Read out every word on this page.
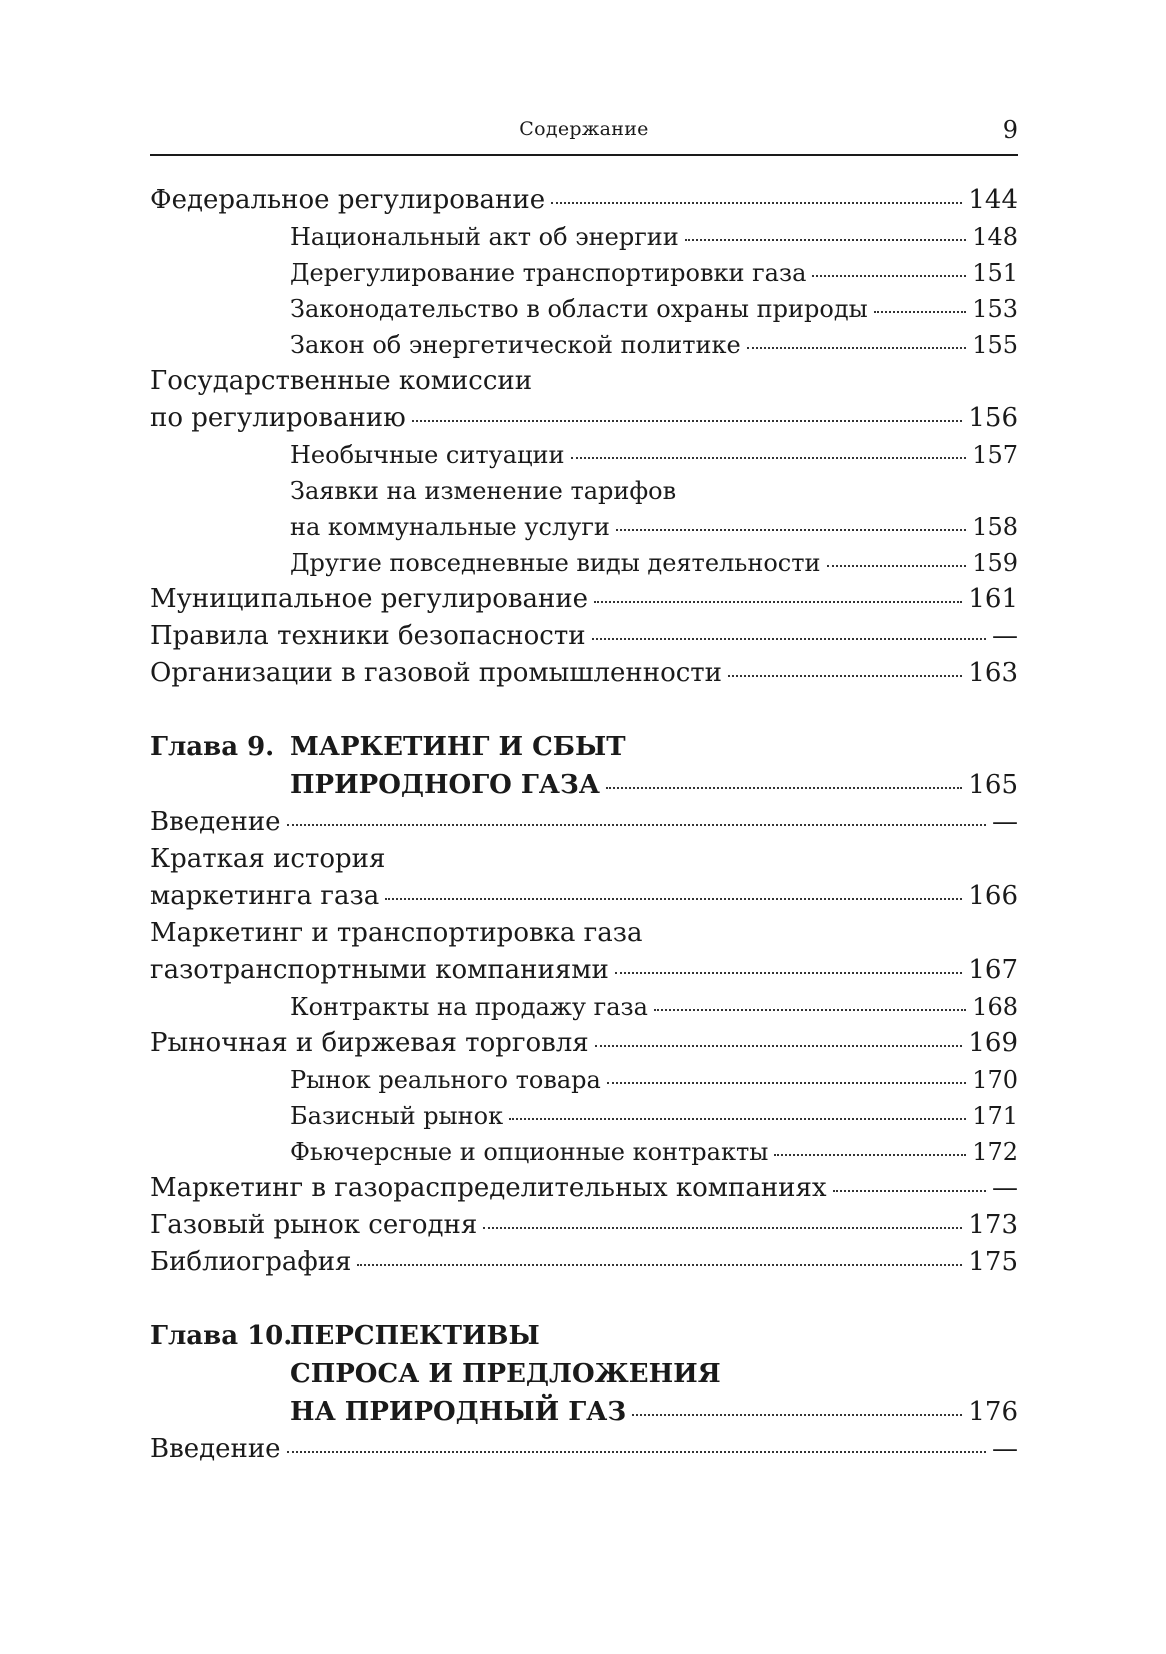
Содержание	9
Федеральное регулирование	144
Национальный акт об энергии	148
Дерегулирование транспортировки газа	151
Законодательство в области охраны природы	153
Закон об энергетической политике	155
Государственные комиссии
по регулированию	156
Необычные ситуации	157
Заявки на изменение тарифов
на коммунальные услуги	158
Другие повседневные виды деятельности	159
Муниципальное регулирование	161
Правила техники безопасности	—
Организации в газовой промышленности	163
Глава 9. МАРКЕТИНГ И СБЫТ
ПРИРОДНОГО ГАЗА	165
Введение	—
Краткая история
маркетинга газа	166
Маркетинг и транспортировка газа
газотранспортными компаниями	167
Контракты на продажу газа	168
Рыночная и биржевая торговля	169
Рынок реального товара	170
Базисный рынок	171
Фьючерсные и опционные контракты	172
Маркетинг в газораспределительных компаниях	—
Газовый рынок сегодня	173
Библиография	175
Глава 10.
ПЕРСПЕКТИВЫ
СПРОСА И ПРЕДЛОЖЕНИЯ
НА ПРИРОДНЫЙ ГАЗ	176
Введение	—
